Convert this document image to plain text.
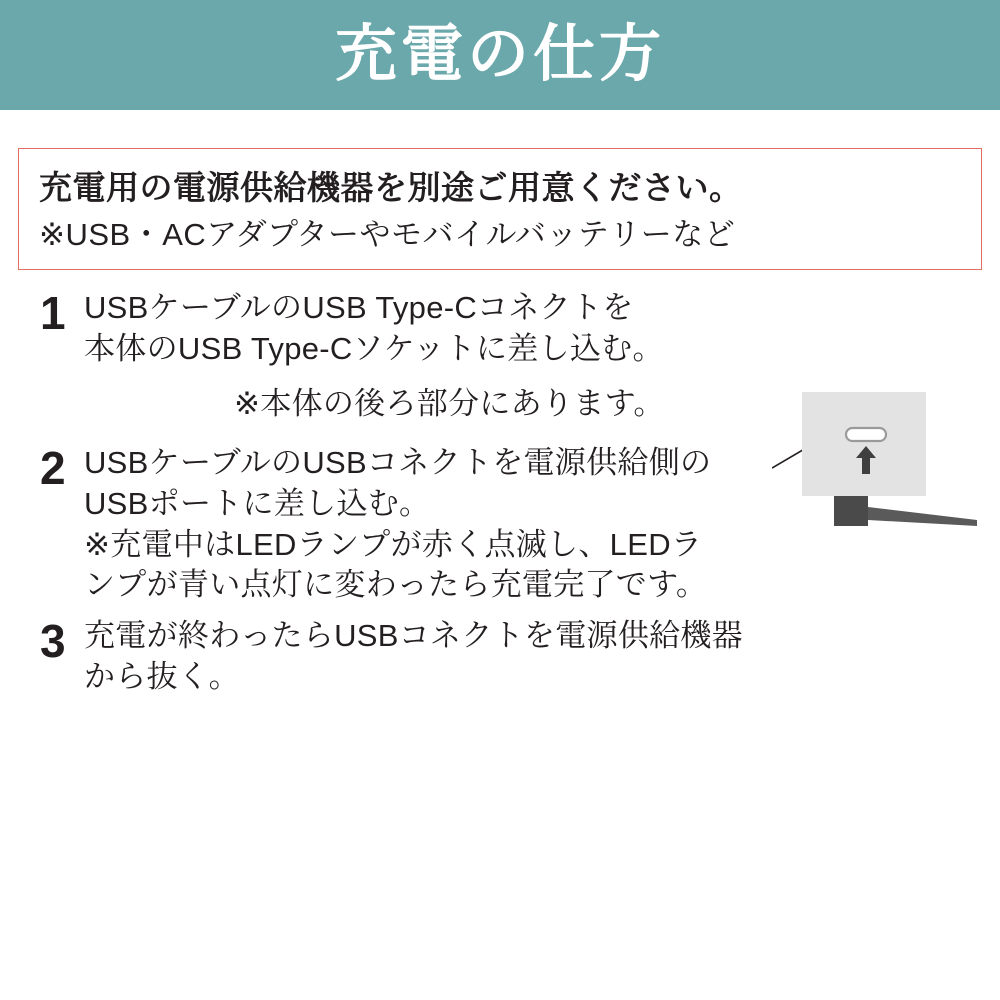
充電の仕方

充電用の電源供給機器を別途ご用意ください。

※USB・ACアダプターやモバイルバッテリーなど

1 USBケーブルのUSB Type-Cコネクトを
本体のUSB Type-Cソケットに差し込む。
※本体の後ろ部分にあります。
2 USBケーブルのUSBコネクトを電源供給側の
USBポートに差し込む。
※充電中はLEDランプが赤く点滅し、LEDラ
ンプが青い点灯に変わったら充電完了です。
3 充電が終わったらUSBコネクトを電源供給機器
から抜く。
